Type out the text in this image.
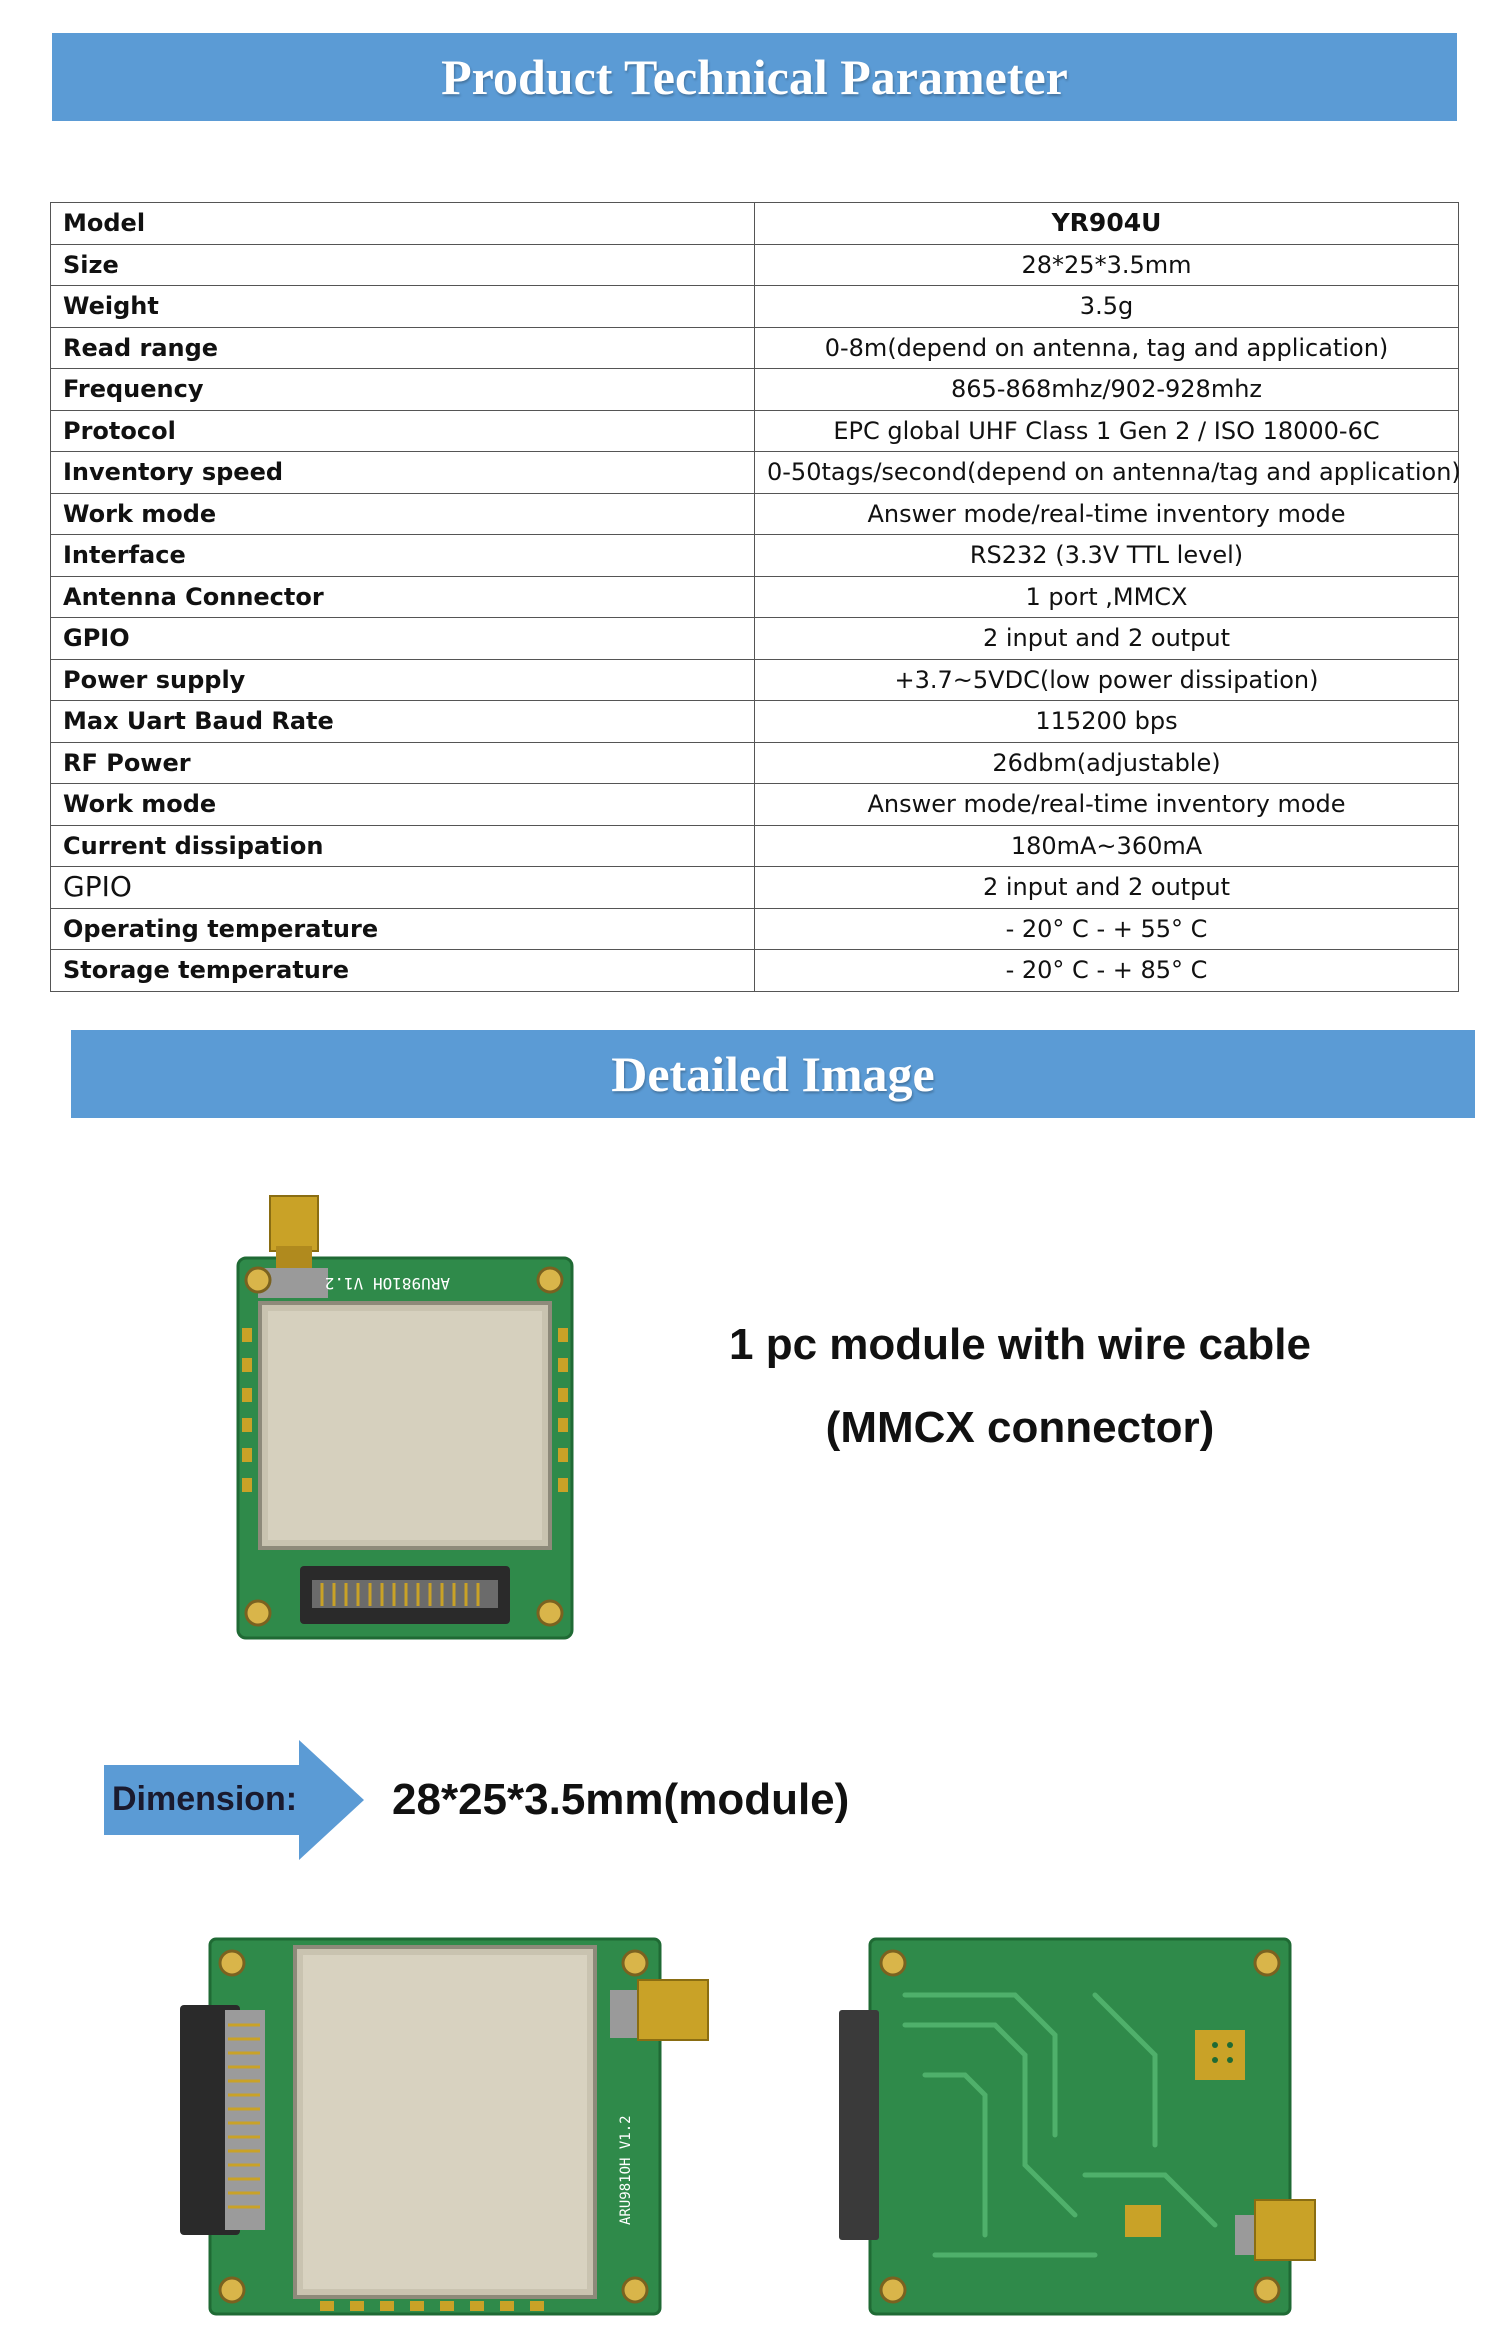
Product Technical Parameter
Model	YR904U
Size	28*25*3.5mm
Weight	3.5g
Read range	0-8m(depend on antenna, tag and application)
Frequency	865-868mhz/902-928mhz
Protocol	EPC global UHF Class 1 Gen 2 / ISO 18000-6C
Inventory speed	0-50tags/second(depend on antenna/tag and application)
Work mode	Answer mode/real-time inventory mode
Interface	RS232 (3.3V TTL level)
Antenna Connector	1 port ,MMCX
GPIO	2 input and 2 output
Power supply	+3.7~5VDC(low power dissipation)
Max Uart Baud Rate	115200 bps
RF Power	26dbm(adjustable)
Work mode	Answer mode/real-time inventory mode
Current dissipation	180mA~360mA
GPIO	2 input and 2 output
Operating temperature	- 20° C - + 55° C
Storage temperature	- 20° C - + 85° C
Detailed Image
ARU981OH V1.2
1 pc module with wire cable
(MMCX connector)
Dimension: 28*25*3.5mm(module)
ARU981OH V1.2
